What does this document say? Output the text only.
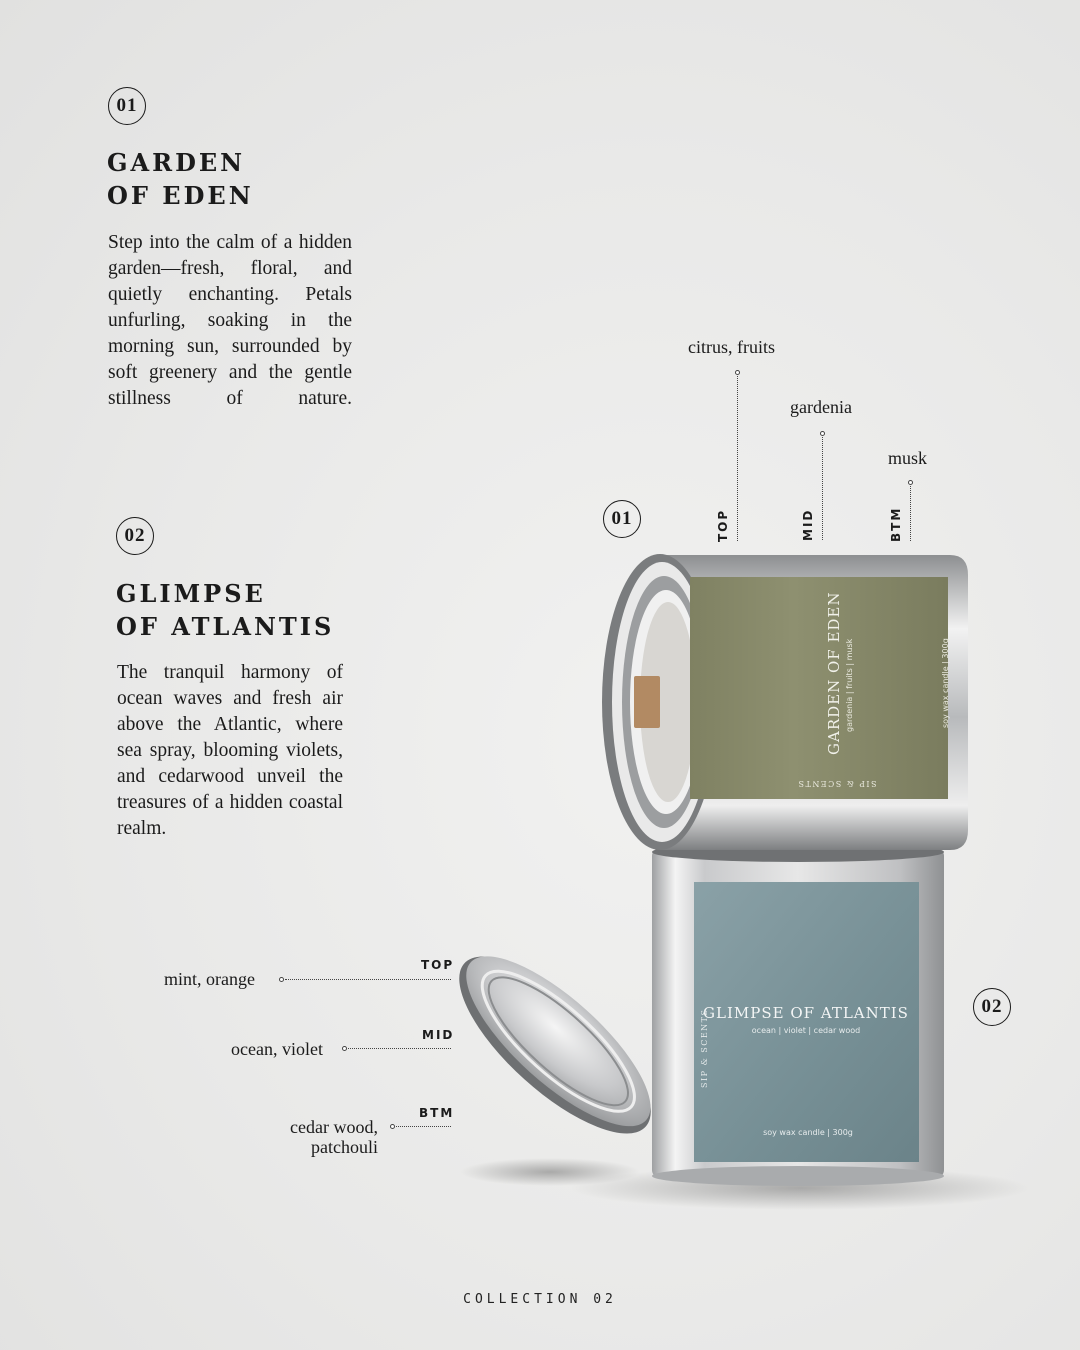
01
GARDEN
OF EDEN

Step into the calm of a hidden garden—fresh, floral, and quietly enchanting. Petals unfurling, soaking in the morning sun, surrounded by soft greenery and the gentle stillness of nature.

02
GLIMPSE
OF ATLANTIS

The tranquil harmony of ocean waves and fresh air above the Atlantic, where sea spray, blooming violets, and cedarwood unveil the treasures of a hidden coastal realm.

GLIMPSE OF ATLANTIS
ocean | violet | cedar wood
soy wax candle | 300g
SIP & SCENTS
GARDEN OF EDEN gardenia | fruits | musk	soy wax candle | 300g
SIP & SCENTS
citrus, fruits
TOP
gardenia
MID
musk
BTM
01
mint, orange
TOP
ocean, violet
MID
cedar wood,
patchouli
BTM
02
COLLECTION 02
